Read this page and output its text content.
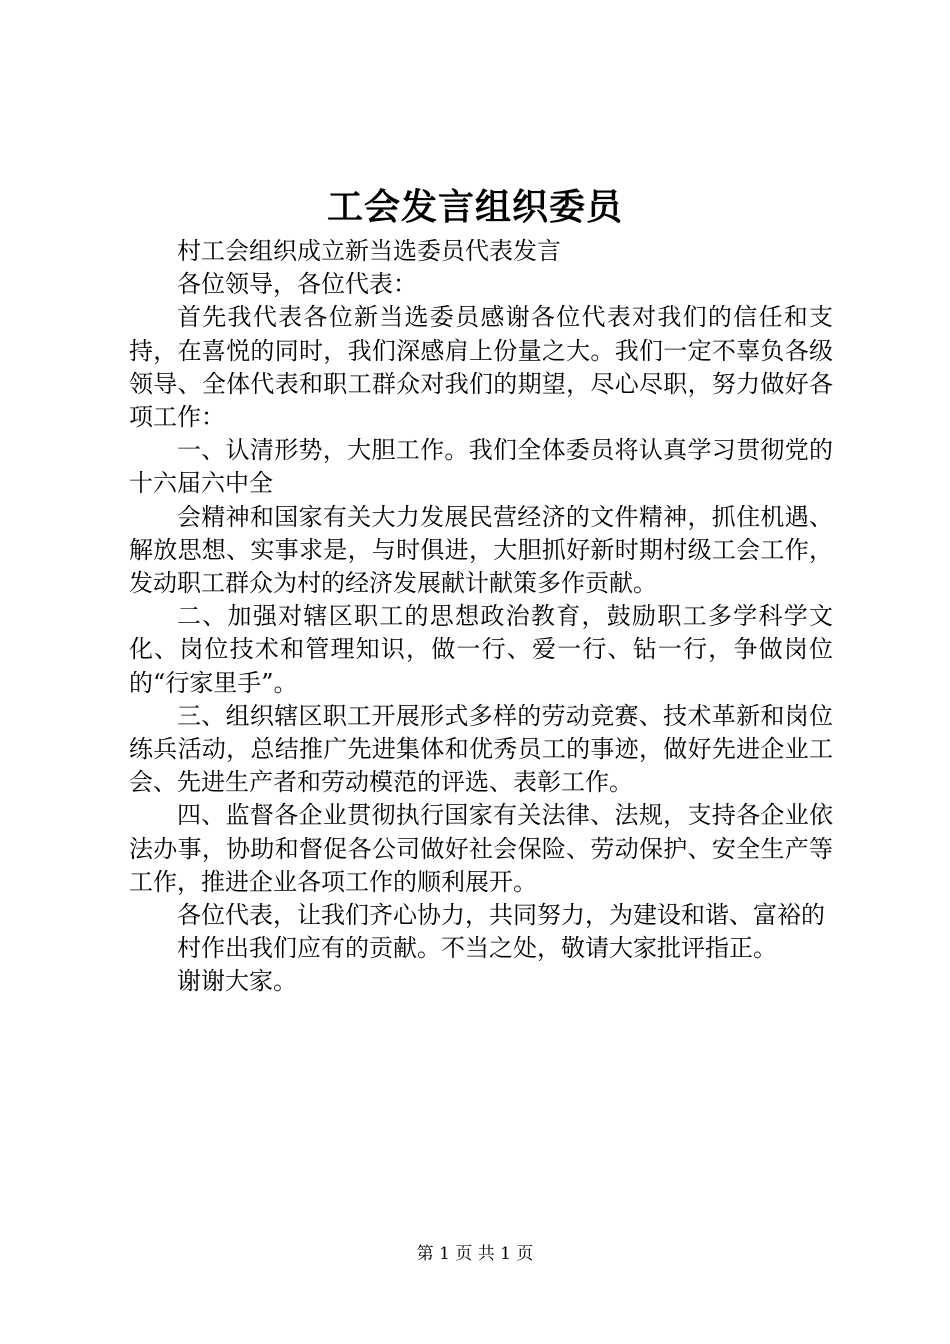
工会发言组织委员

村工会组织成立新当选委员代表发言

各位领导，各位代表：

首先我代表各位新当选委员感谢各位代表对我们的信任和支持，在喜悦的同时，我们深感肩上份量之大。我们一定不辜负各级领导、全体代表和职工群众对我们的期望，尽心尽职，努力做好各项工作：

一、认清形势，大胆工作。我们全体委员将认真学习贯彻党的十六届六中全

会精神和国家有关大力发展民营经济的文件精神，抓住机遇、解放思想、实事求是，与时俱进，大胆抓好新时期村级工会工作，发动职工群众为村的经济发展献计献策多作贡献。

二、加强对辖区职工的思想政治教育，鼓励职工多学科学文化、岗位技术和管理知识，做一行、爱一行、钻一行，争做岗位的“行家里手”。

三、组织辖区职工开展形式多样的劳动竞赛、技术革新和岗位练兵活动，总结推广先进集体和优秀员工的事迹，做好先进企业工会、先进生产者和劳动模范的评选、表彰工作。

四、监督各企业贯彻执行国家有关法律、法规，支持各企业依法办事，协助和督促各公司做好社会保险、劳动保护、安全生产等工作，推进企业各项工作的顺利展开。

各位代表，让我们齐心协力，共同努力，为建设和谐、富裕的

村作出我们应有的贡献。不当之处，敬请大家批评指正。

谢谢大家。

第 1 页 共 1 页
